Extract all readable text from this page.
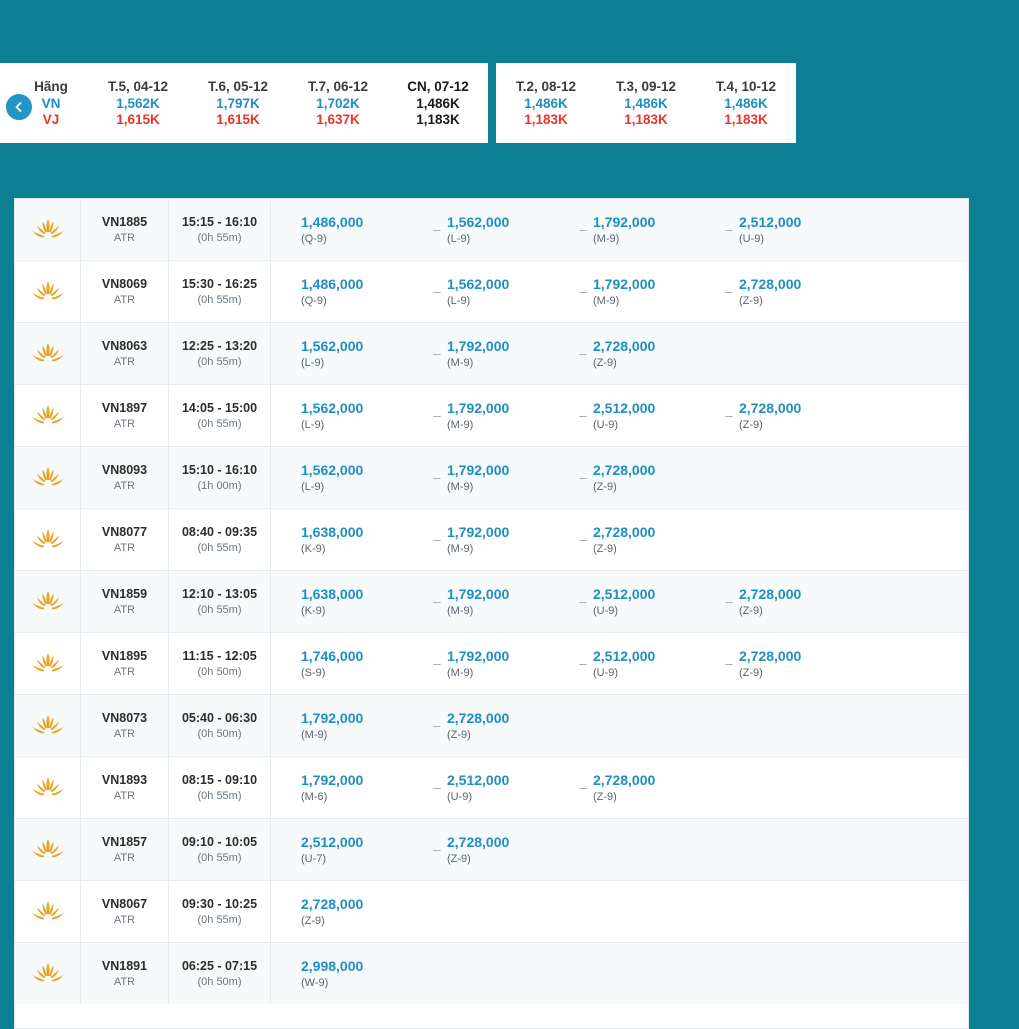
Hãng
VN
VJ
T.5, 04-12
1,562K
1,615K
T.6, 05-12
1,797K
1,615K
T.7, 06-12
1,702K
1,637K
CN, 07-12
1,486K
1,183K
T.2, 08-12
1,486K
1,183K
T.3, 09-12
1,486K
1,183K
T.4, 10-12
1,486K
1,183K
VN1885
ATR
15:15 - 16:10
(0h 55m)
1,486,000
(Q-9)
– 1,562,000
(L-9)
– 1,792,000
(M-9)
– 2,512,000
(U-9)
VN8069
ATR
15:30 - 16:25
(0h 55m)
1,486,000
(Q-9)
– 1,562,000
(L-9)
– 1,792,000
(M-9)
– 2,728,000
(Z-9)
VN8063
ATR
12:25 - 13:20
(0h 55m)
1,562,000
(L-9)
– 1,792,000
(M-9)
– 2,728,000
(Z-9)
VN1897
ATR
14:05 - 15:00
(0h 55m)
1,562,000
(L-9)
– 1,792,000
(M-9)
– 2,512,000
(U-9)
– 2,728,000
(Z-9)
VN8093
ATR
15:10 - 16:10
(1h 00m)
1,562,000
(L-9)
– 1,792,000
(M-9)
– 2,728,000
(Z-9)
VN8077
ATR
08:40 - 09:35
(0h 55m)
1,638,000
(K-9)
– 1,792,000
(M-9)
– 2,728,000
(Z-9)
VN1859
ATR
12:10 - 13:05
(0h 55m)
1,638,000
(K-9)
– 1,792,000
(M-9)
– 2,512,000
(U-9)
– 2,728,000
(Z-9)
VN1895
ATR
11:15 - 12:05
(0h 50m)
1,746,000
(S-9)
– 1,792,000
(M-9)
– 2,512,000
(U-9)
– 2,728,000
(Z-9)
VN8073
ATR
05:40 - 06:30
(0h 50m)
1,792,000
(M-9)
– 2,728,000
(Z-9)
VN1893
ATR
08:15 - 09:10
(0h 55m)
1,792,000
(M-6)
– 2,512,000
(U-9)
– 2,728,000
(Z-9)
VN1857
ATR
09:10 - 10:05
(0h 55m)
2,512,000
(U-7)
– 2,728,000
(Z-9)
VN8067
ATR
09:30 - 10:25
(0h 55m)
2,728,000
(Z-9)
VN1891
ATR
06:25 - 07:15
(0h 50m)
2,998,000
(W-9)
